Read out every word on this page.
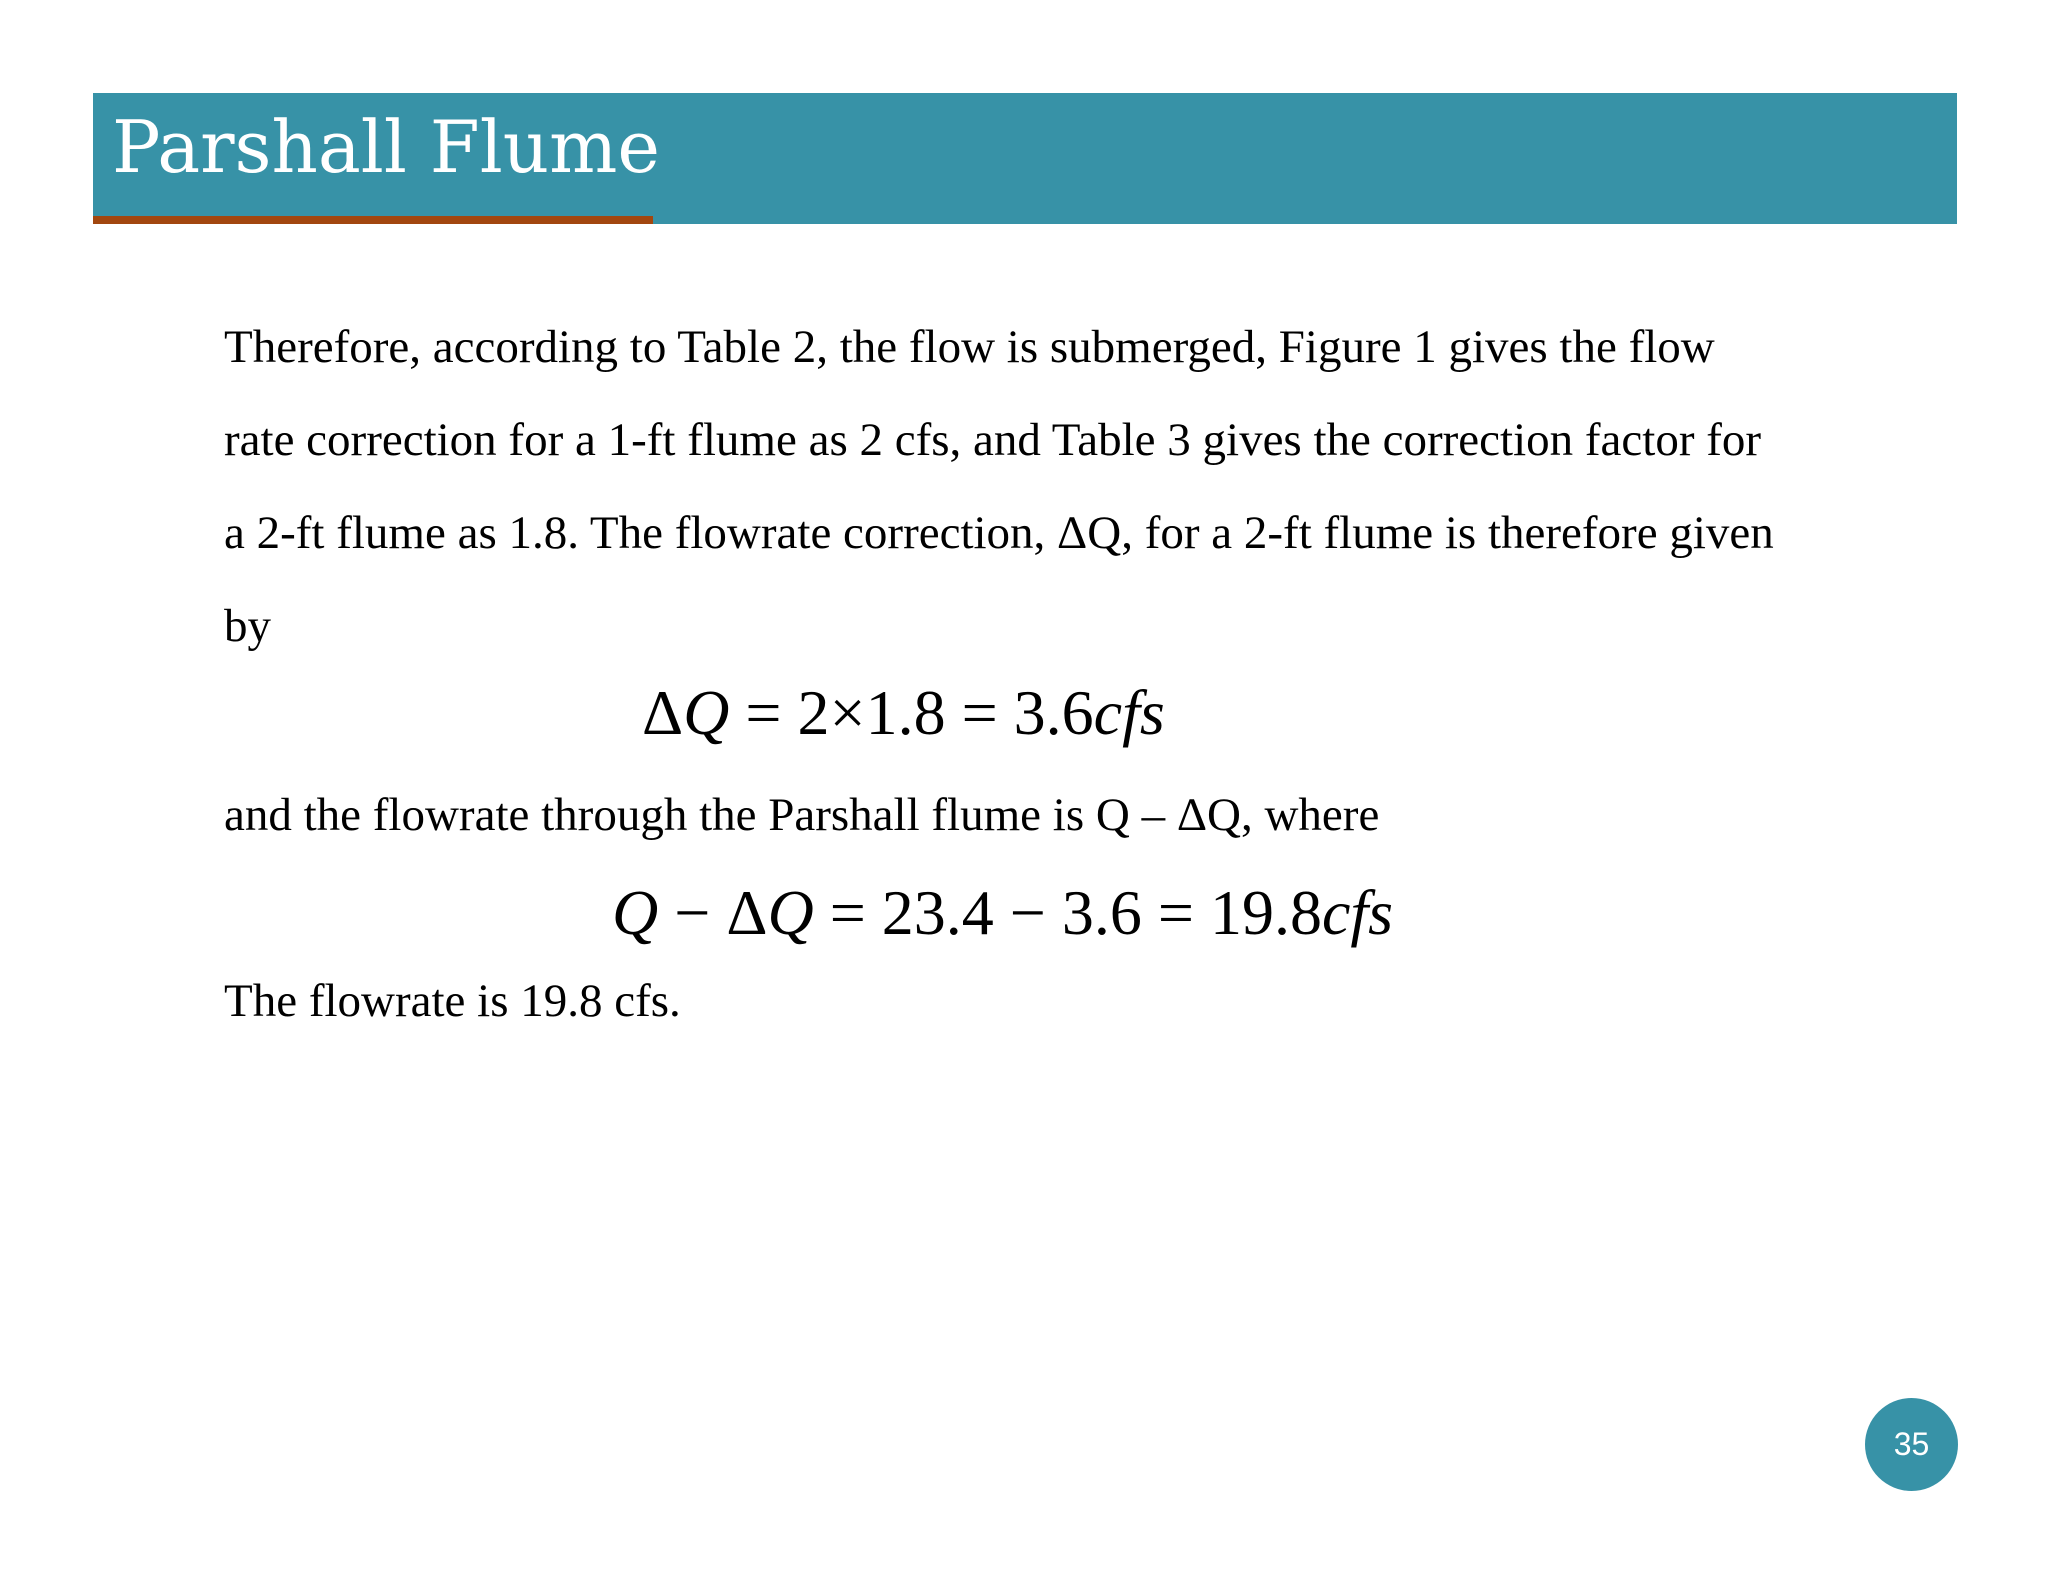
Parshall Flume
Therefore, according to Table 2, the flow is submerged, Figure 1 gives the flow
rate correction for a 1-ft flume as 2 cfs, and Table 3 gives the correction factor for
a 2-ft flume as 1.8. The flowrate correction, ΔQ, for a 2-ft flume is therefore given
by
ΔQ = 2×1.8 = 3.6cfs
and the flowrate through the Parshall flume is Q – ΔQ, where
Q − ΔQ = 23.4 − 3.6 = 19.8cfs
The flowrate is 19.8 cfs.
35
